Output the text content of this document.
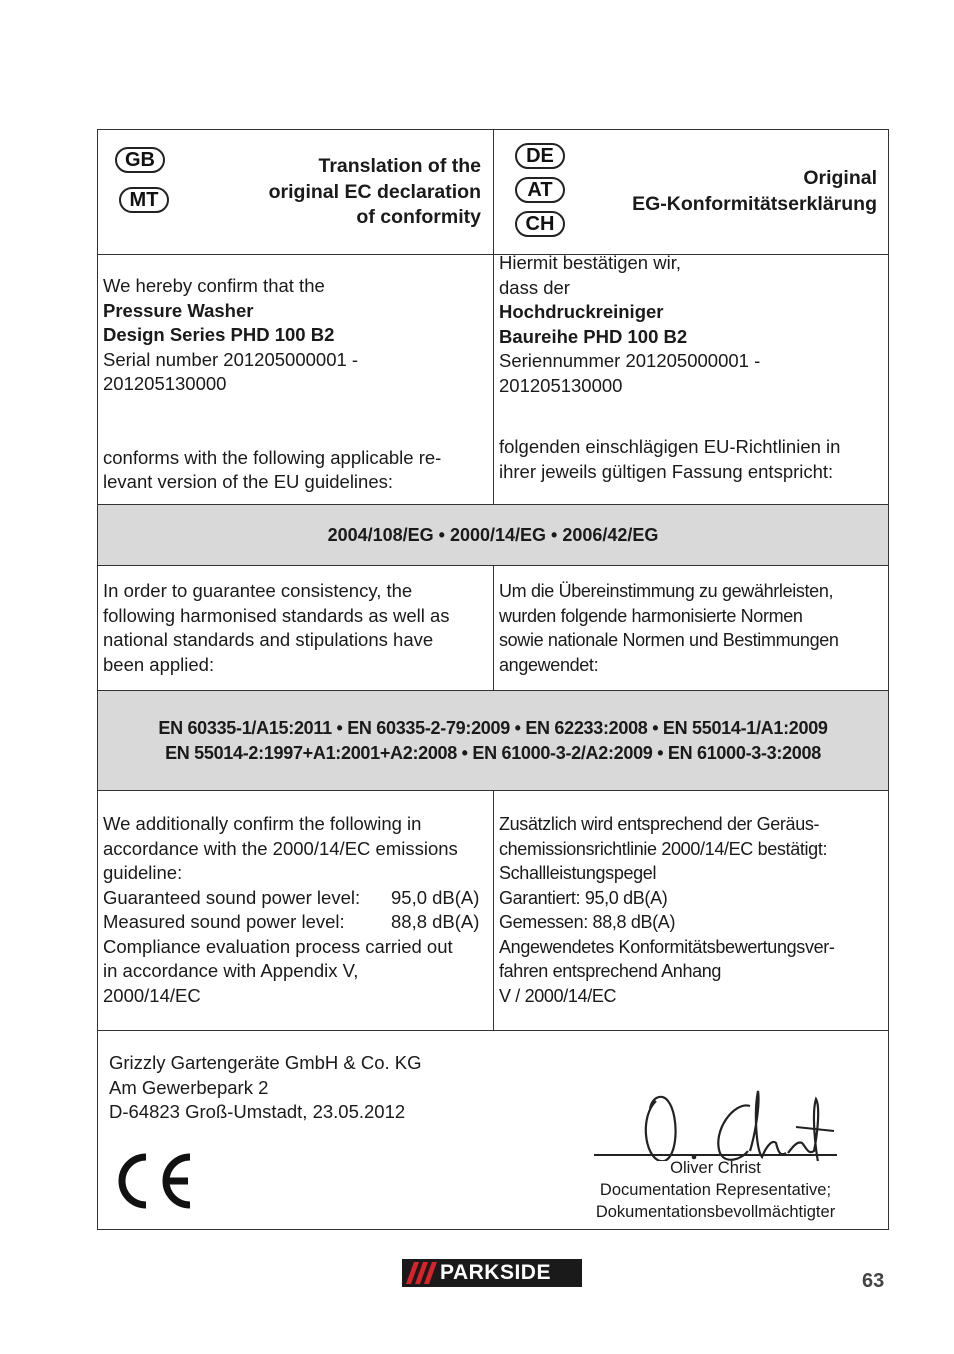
GB
MT
Translation of the
original EC declaration
of conformity
DE
AT
CH
Original
EG-Konformitätserklärung
We hereby confirm that the
Pressure Washer
Design Series PHD 100 B2
Serial number 201205000001 -
201205130000
conforms with the following applicable re-
levant version of the EU guidelines:
Hiermit bestätigen wir,
dass der
Hochdruckreiniger
Baureihe PHD 100 B2
Seriennummer 201205000001 -
201205130000
folgenden einschlägigen EU-Richtlinien in
ihrer jeweils gültigen Fassung entspricht:
2004/108/EG • 2000/14/EG • 2006/42/EG
In order to guarantee consistency, the
following harmonised standards as well as
national standards and stipulations have
been applied:
Um die Übereinstimmung zu gewährleisten,
wurden folgende harmonisierte Normen
sowie nationale Normen und Bestimmungen
angewendet:
EN 60335-1/A15:2011 • EN 60335-2-79:2009 • EN 62233:2008 • EN 55014-1/A1:2009
EN 55014-2:1997+A1:2001+A2:2008 • EN 61000-3-2/A2:2009 • EN 61000-3-3:2008
We additionally confirm the following in
accordance with the 2000/14/EC emissions
guideline:
Guaranteed sound power level: 95,0 dB(A)
Measured sound power level:	88,8 dB(A)
Compliance evaluation process carried out
in accordance with Appendix V,
2000/14/EC
Zusätzlich wird entsprechend der Geräus-
chemissionsrichtlinie 2000/14/EC bestätigt:
Schallleistungspegel
Garantiert: 95,0 dB(A)
Gemessen: 88,8 dB(A)
Angewendetes Konformitätsbewertungsver-
fahren entsprechend Anhang
V / 2000/14/EC
Grizzly Gartengeräte GmbH & Co. KG
Am Gewerbepark 2
D-64823 Groß-Umstadt, 23.05.2012
Oliver Christ
Documentation Representative;
Dokumentationsbevollmächtigter
PARKSIDE	63
